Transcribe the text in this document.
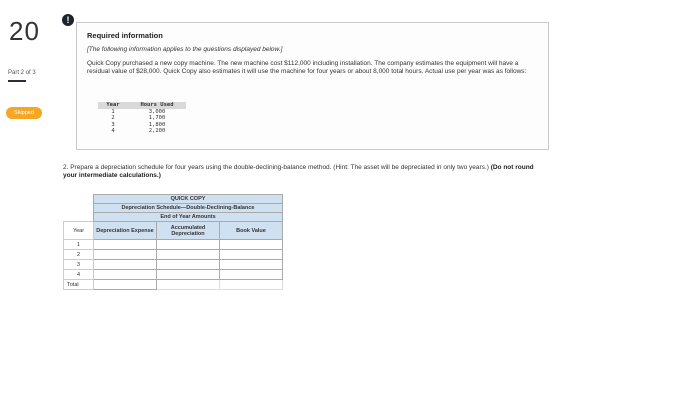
20
Part 2 of 3
Skipped
!
Required information
[The following information applies to the questions displayed below.]
Quick Copy purchased a new copy machine. The new machine cost $112,000 including installation. The company estimates the equipment will have a residual value of $28,000. Quick Copy also estimates it will use the machine for four years or about 8,000 total hours. Actual use per year was as follows:
Year	Hours Used
1	3,000
2	1,700
3	1,800
4	2,200
2. Prepare a depreciation schedule for four years using the double-declining-balance method. (Hint: The asset will be depreciated in only two years.) (Do not round your intermediate calculations.)
	QUICK COPY		
	Depreciation Schedule—Double-Declining-Balance		
	End of Year Amounts		
Year	Depreciation Expense	Accumulated Depreciation	Book Value
1			
2			
3			
4			
Total			
